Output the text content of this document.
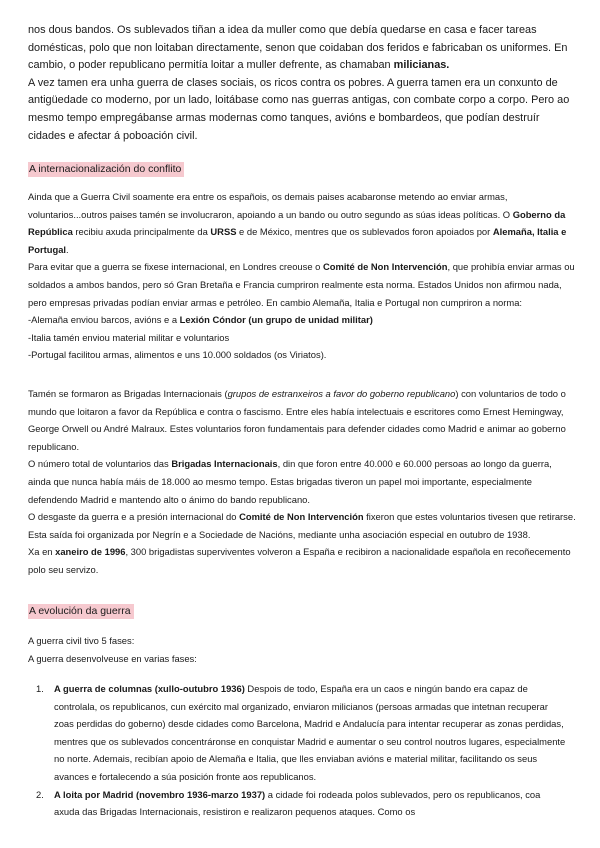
nos dous bandos. Os sublevados tiñan a idea da muller como que debía quedarse en casa e facer tareas domésticas, polo que non loitaban directamente, senon que coidaban dos feridos e fabricaban os uniformes. En cambio, o poder republicano permitía loitar a muller defrente, as chamaban milicianas.

A vez tamen era unha guerra de clases sociais, os ricos contra os pobres. A guerra tamen era un conxunto de antigüedade co moderno, por un lado, loitábase como nas guerras antigas, con combate corpo a corpo. Pero ao mesmo tempo empregábanse armas modernas como tanques, avións e bombardeos, que podían destruír cidades e afectar á poboación civil.

A internacionalización do conflito

Ainda que a Guerra Civil soamente era entre os españois, os demais paises acabaronse metendo ao enviar armas, voluntarios...outros paises tamén se involucraron, apoiando a un bando ou outro segundo as súas ideas políticas. O Goberno da República recibiu axuda principalmente da URSS e de México, mentres que os sublevados foron apoiados por Alemaña, Italia e Portugal.

Para evitar que a guerra se fixese internacional, en Londres creouse o Comité de Non Intervención, que prohibía enviar armas ou soldados a ambos bandos, pero só Gran Bretaña e Francia cumpriron realmente esta norma. Estados Unidos non afirmou nada, pero empresas privadas podían enviar armas e petróleo. En cambio Alemaña, Italia e Portugal non cumpriron a norma:

-Alemaña enviou barcos, avións e a Lexión Cóndor (un grupo de unidad militar)

-Italia tamén enviou material militar e voluntarios

-Portugal facilitou armas, alimentos e uns 10.000 soldados (os Viriatos).

Tamén se formaron as Brigadas Internacionais (grupos de estranxeiros a favor do goberno republicano) con voluntarios de todo o mundo que loitaron a favor da República e contra o fascismo. Entre eles había intelectuais e escritores como Ernest Hemingway, George Orwell ou André Malraux. Estes voluntarios foron fundamentais para defender cidades como Madrid e animar ao goberno republicano.

O número total de voluntarios das Brigadas Internacionais, din que foron entre 40.000 e 60.000 persoas ao longo da guerra, ainda que nunca había máis de 18.000 ao mesmo tempo. Estas brigadas tiveron un papel moi importante, especialmente defendendo Madrid e mantendo alto o ánimo do bando republicano.

O desgaste da guerra e a presión internacional do Comité de Non Intervención fixeron que estes voluntarios tivesen que retirarse. Esta saída foi organizada por Negrín e a Sociedade de Nacións, mediante unha asociación especial en outubro de 1938.

Xa en xaneiro de 1996, 300 brigadistas superviventes volveron a España e recibiron a nacionalidade española en recoñecemento polo seu servizo.

A evolución da guerra

A guerra civil tivo 5 fases:

A guerra desenvolveuse en varias fases:

1. A guerra de columnas (xullo-outubro 1936) Despois de todo, España era un caos e ningún bando era capaz de controlala, os republicanos, cun exército mal organizado, enviaron milicianos (persoas armadas que intetnan recuperar zoas perdidas do goberno) desde cidades como Barcelona, Madrid e Andalucía para intentar recuperar as zonas perdidas, mentres que os sublevados concentráronse en conquistar Madrid e aumentar o seu control noutros lugares, especialmente no norte. Ademais, recibían apoio de Alemaña e Italia, que lles enviaban avións e material militar, facilitando os seus avances e fortalecendo a súa posición fronte aos republicanos.
2. A loita por Madrid (novembro 1936-marzo 1937) a cidade foi rodeada polos sublevados, pero os republicanos, coa axuda das Brigadas Internacionais, resistiron e realizaron pequenos ataques. Como os
